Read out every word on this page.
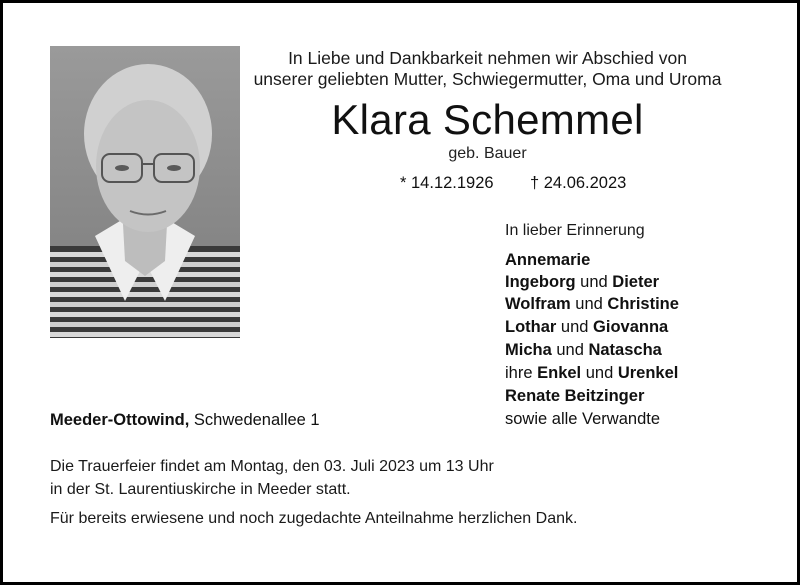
In Liebe und Dankbarkeit nehmen wir Abschied von
unserer geliebten Mutter, Schwiegermutter, Oma und Uroma
Klara Schemmel
geb. Bauer
* 14.12.1926 † 24.06.2023
In lieber Erinnerung
Annemarie
Ingeborg und Dieter
Wolfram und Christine
Lothar und Giovanna
Micha und Natascha
ihre Enkel und Urenkel
Renate Beitzinger
sowie alle Verwandte
Meeder-Ottowind, Schwedenallee 1
Die Trauerfeier findet am Montag, den 03. Juli 2023 um 13 Uhr
in der St. Laurentiuskirche in Meeder statt.
Für bereits erwiesene und noch zugedachte Anteilnahme herzlichen Dank.
